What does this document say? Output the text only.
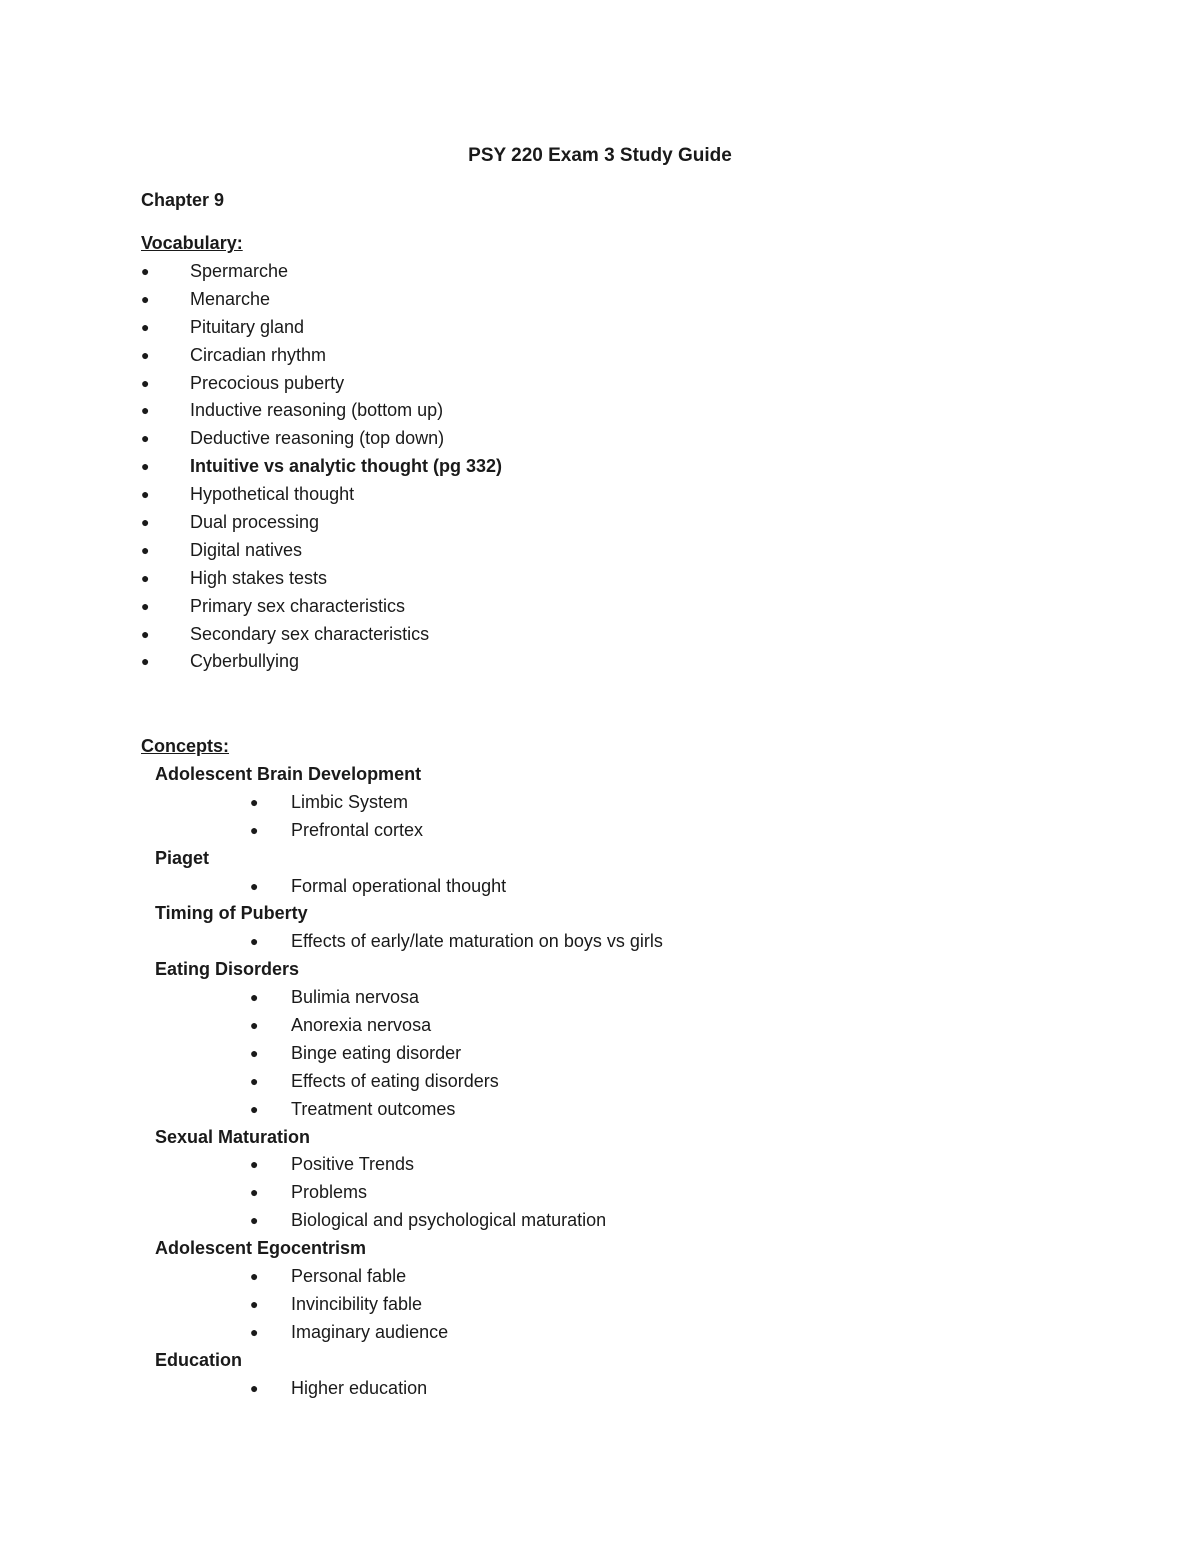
PSY 220 Exam 3 Study Guide
Chapter 9
Vocabulary:
●	Spermarche
●	Menarche
●	Pituitary gland
●	Circadian rhythm
●	Precocious puberty
●	Inductive reasoning (bottom up)
●	Deductive reasoning (top down)
●	Intuitive vs analytic thought (pg 332)
●	Hypothetical thought
●	Dual processing
●	Digital natives
●	High stakes tests
●	Primary sex characteristics
●	Secondary sex characteristics
●	Cyberbullying
Concepts:
Adolescent Brain Development
●	Limbic System
●	Prefrontal cortex
Piaget
●	Formal operational thought
Timing of Puberty
●	Effects of early/late maturation on boys vs girls
Eating Disorders
●	Bulimia nervosa
●	Anorexia nervosa
●	Binge eating disorder
●	Effects of eating disorders
●	Treatment outcomes
Sexual Maturation
●	Positive Trends
●	Problems
●	Biological and psychological maturation
Adolescent Egocentrism
●	Personal fable
●	Invincibility fable
●	Imaginary audience
Education
●	Higher education
